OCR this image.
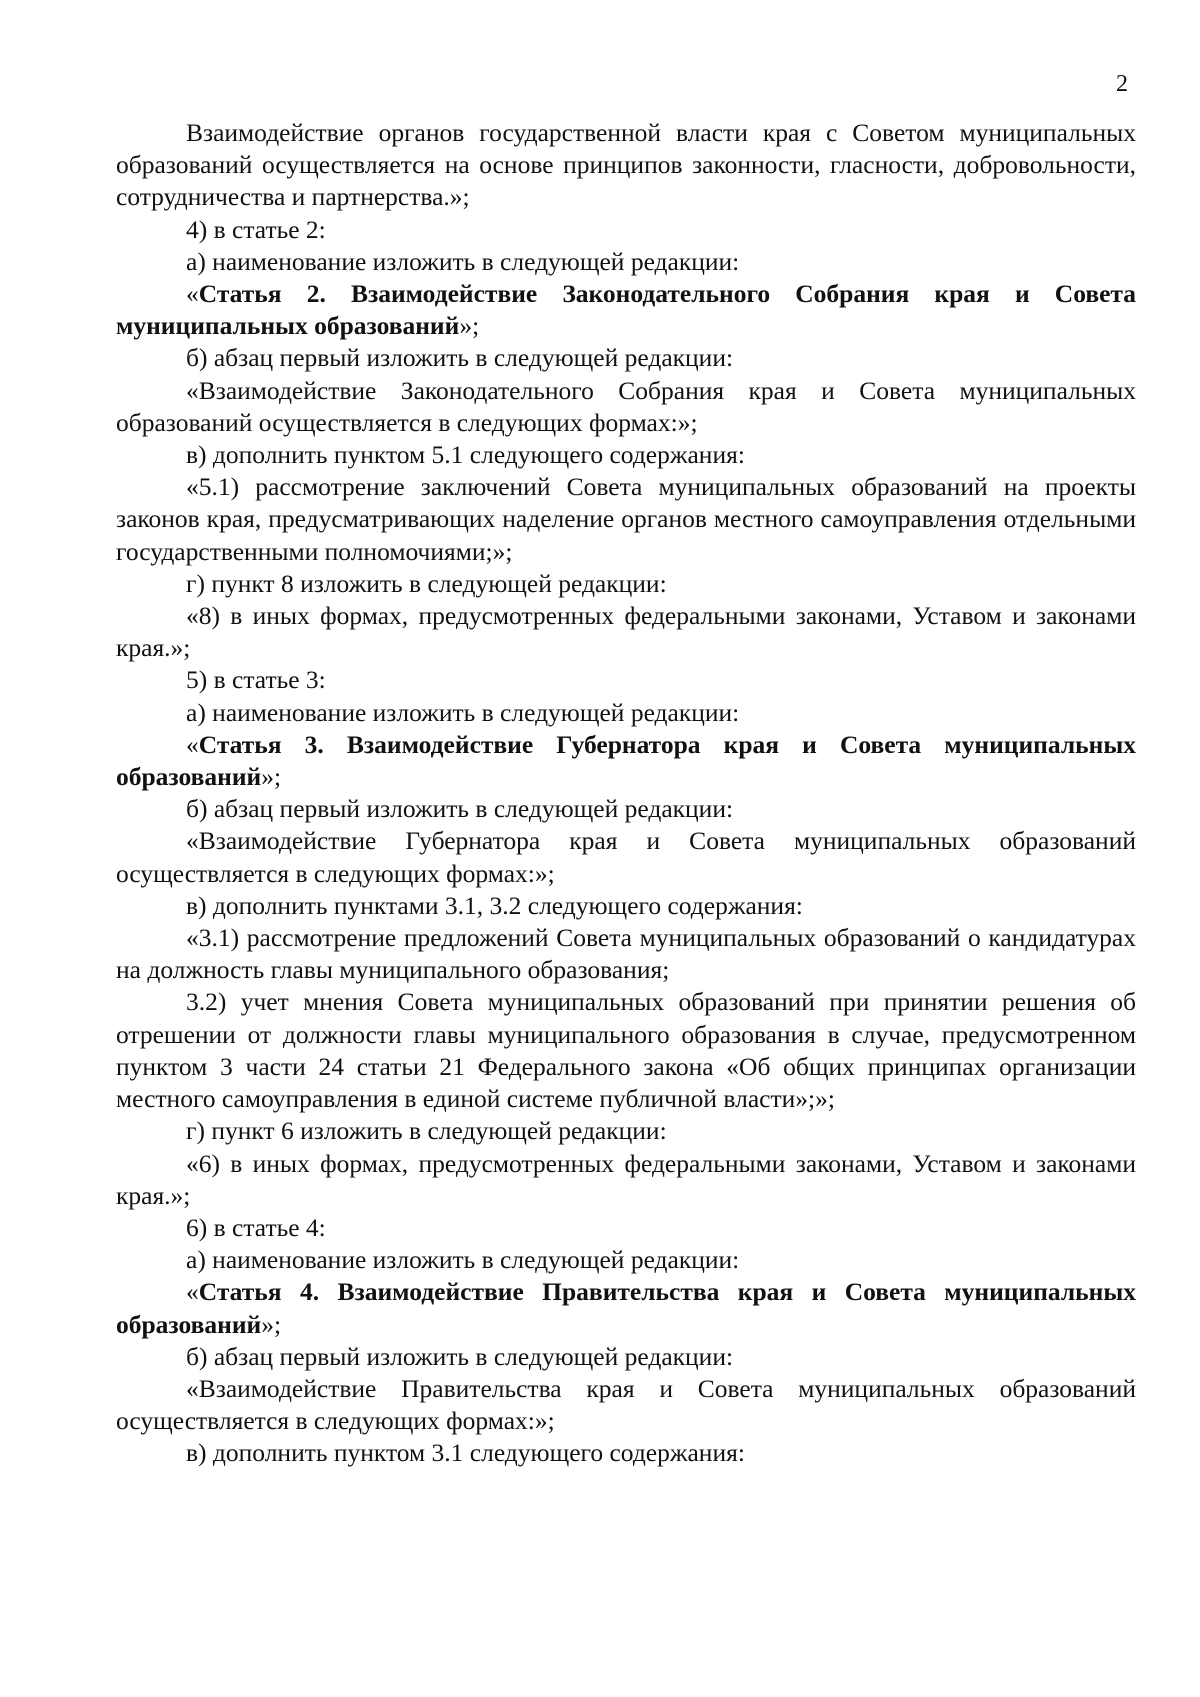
2

Взаимодействие органов государственной власти края с Советом муниципальных образований осуществляется на основе принципов законности, гласности, добровольности, сотрудничества и партнерства.»;

4) в статье 2:

а) наименование изложить в следующей редакции:

«Статья 2. Взаимодействие Законодательного Собрания края и Совета муниципальных образований»;

б) абзац первый изложить в следующей редакции:

«Взаимодействие Законодательного Собрания края и Совета муниципальных образований осуществляется в следующих формах:»;

в) дополнить пунктом 5.1 следующего содержания:

«5.1) рассмотрение заключений Совета муниципальных образований на проекты законов края, предусматривающих наделение органов местного самоуправления отдельными государственными полномочиями;»;

г) пункт 8 изложить в следующей редакции:

«8) в иных формах, предусмотренных федеральными законами, Уставом и законами края.»;

5) в статье 3:

а) наименование изложить в следующей редакции:

«Статья 3. Взаимодействие Губернатора края и Совета муниципальных образований»;

б) абзац первый изложить в следующей редакции:

«Взаимодействие Губернатора края и Совета муниципальных образований осуществляется в следующих формах:»;

в) дополнить пунктами 3.1, 3.2 следующего содержания:

«3.1) рассмотрение предложений Совета муниципальных образований о кандидатурах на должность главы муниципального образования;

3.2) учет мнения Совета муниципальных образований при принятии решения об отрешении от должности главы муниципального образования в случае, предусмотренном пунктом 3 части 24 статьи 21 Федерального закона «Об общих принципах организации местного самоуправления в единой системе публичной власти»;»;

г) пункт 6 изложить в следующей редакции:

«6) в иных формах, предусмотренных федеральными законами, Уставом и законами края.»;

6) в статье 4:

а) наименование изложить в следующей редакции:

«Статья 4. Взаимодействие Правительства края и Совета муниципальных образований»;

б) абзац первый изложить в следующей редакции:

«Взаимодействие Правительства края и Совета муниципальных образований осуществляется в следующих формах:»;

в) дополнить пунктом 3.1 следующего содержания:
